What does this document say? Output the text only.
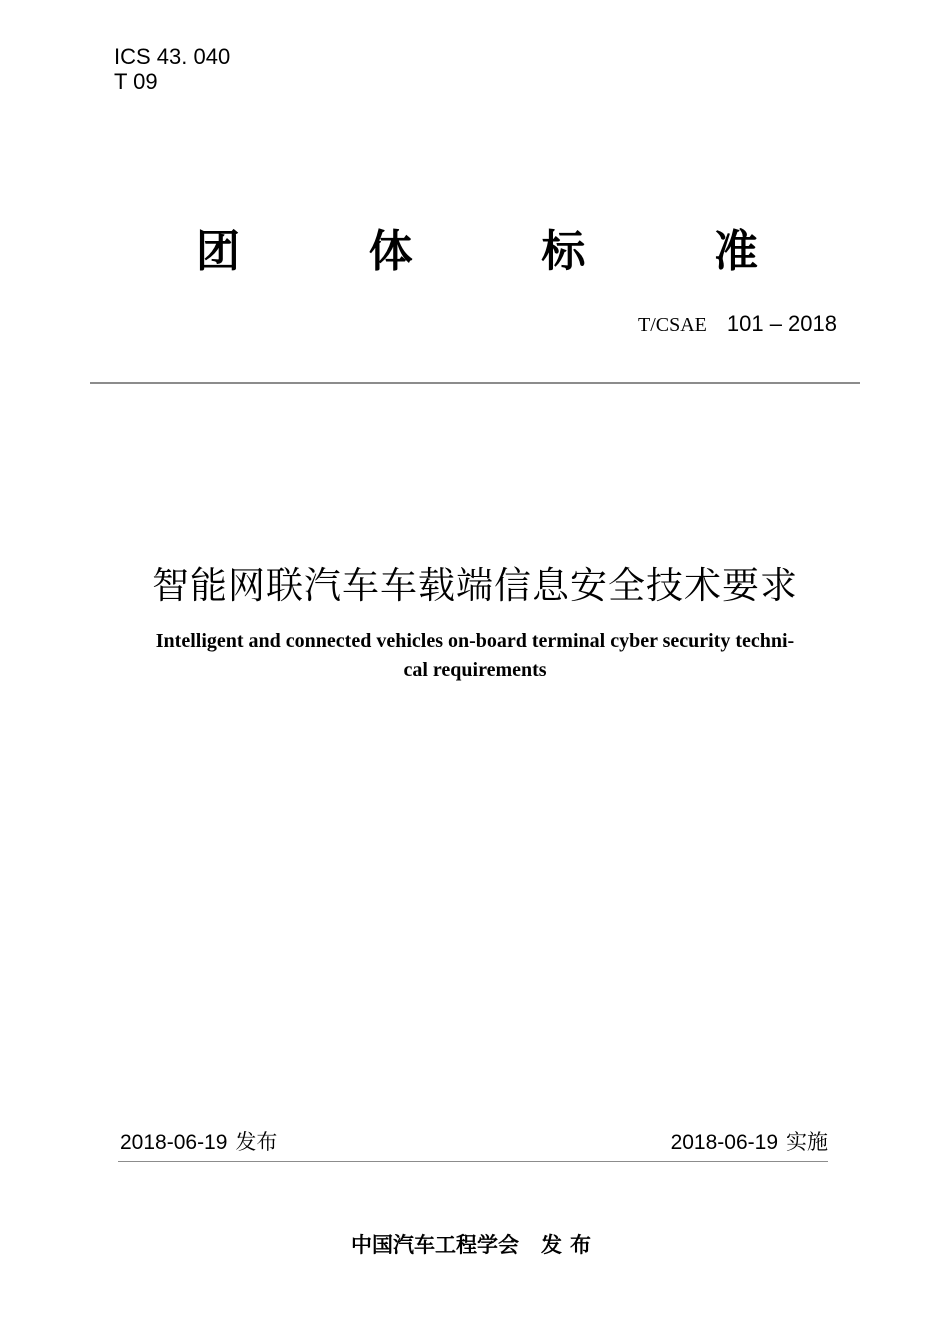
ICS 43. 040
T 09
团	体	标	准
T/CSAE 101 – 2018
智能网联汽车车载端信息安全技术要求
Intelligent and connected vehicles on-board terminal cyber security techni-
cal requirements
2018-06-19 发布	2018-06-19 实施
中国汽车工程学会 发布
